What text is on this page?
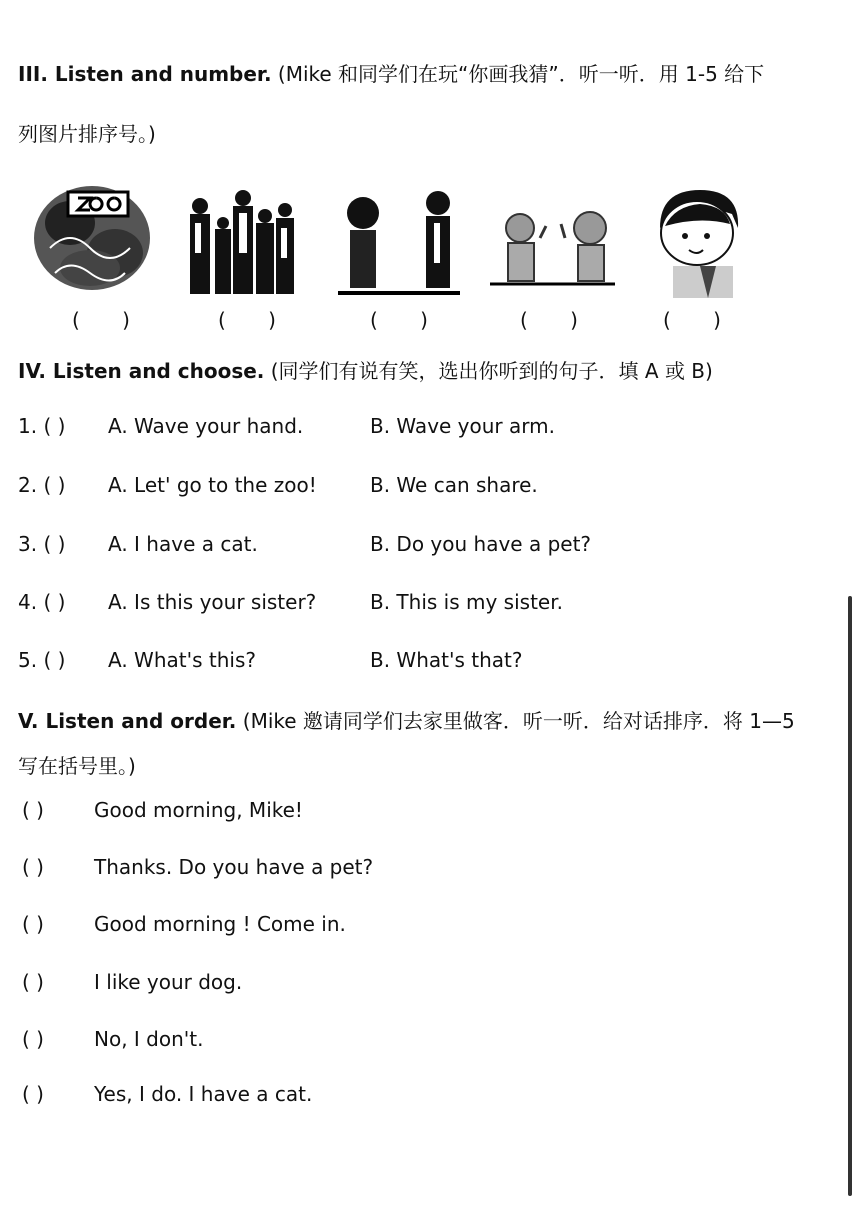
III. Listen and number. (Mike 和同学们在玩“你画我猜”．听一听．用 1-5 给下
列图片排序号。)
( )	( )	( )	( )	( )
IV. Listen and choose. (同学们有说有笑，选出你听到的句子．填 A 或 B)
1. ( ) A. Wave your hand.	B. Wave your arm.
2. ( ) A. Let' go to the zoo!	B. We can share.
3. ( ) A. I have a cat.	B. Do you have a pet?
4. ( ) A. Is this your sister?	B. This is my sister.
5. ( ) A. What's this?	B. What's that?
V. Listen and order. (Mike 邀请同学们去家里做客．听一听．给对话排序．将 1—5
写在括号里。)
( )	Good morning, Mike!
( )	Thanks. Do you have a pet?
( )	Good morning ! Come in.
( )	I like your dog.
( )	No, I don't.
( )	Yes, I do. I have a cat.
